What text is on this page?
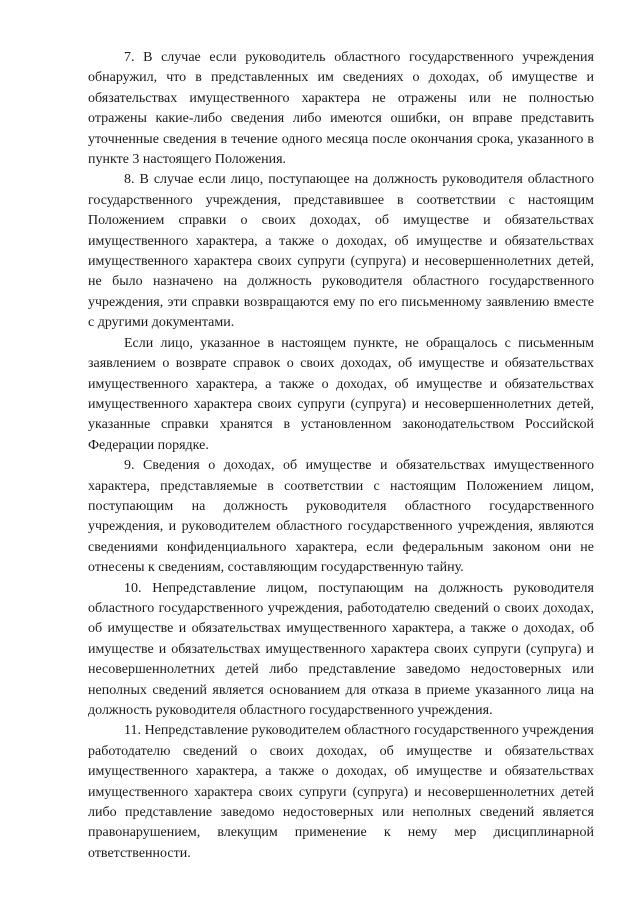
7. В случае если руководитель областного государственного учреждения обнаружил, что в представленных им сведениях о доходах, об имуществе и обязательствах имущественного характера не отражены или не полностью отражены какие-либо сведения либо имеются ошибки, он вправе представить уточненные сведения в течение одного месяца после окончания срока, указанного в пункте 3 настоящего Положения.

8. В случае если лицо, поступающее на должность руководителя областного государственного учреждения, представившее в соответствии с настоящим Положением справки о своих доходах, об имуществе и обязательствах имущественного характера, а также о доходах, об имуществе и обязательствах имущественного характера своих супруги (супруга) и несовершеннолетних детей, не было назначено на должность руководителя областного государственного учреждения, эти справки возвращаются ему по его письменному заявлению вместе с другими документами.

Если лицо, указанное в настоящем пункте, не обращалось с письменным заявлением о возврате справок о своих доходах, об имуществе и обязательствах имущественного характера, а также о доходах, об имуществе и обязательствах имущественного характера своих супруги (супруга) и несовершеннолетних детей, указанные справки хранятся в установленном законодательством Российской Федерации порядке.

9. Сведения о доходах, об имуществе и обязательствах имущественного характера, представляемые в соответствии с настоящим Положением лицом, поступающим на должность руководителя областного государственного учреждения, и руководителем областного государственного учреждения, являются сведениями конфиденциального характера, если федеральным законом они не отнесены к сведениям, составляющим государственную тайну.

10. Непредставление лицом, поступающим на должность руководителя областного государственного учреждения, работодателю сведений о своих доходах, об имуществе и обязательствах имущественного характера, а также о доходах, об имуществе и обязательствах имущественного характера своих супруги (супруга) и несовершеннолетних детей либо представление заведомо недостоверных или неполных сведений является основанием для отказа в приеме указанного лица на должность руководителя областного государственного учреждения.

11. Непредставление руководителем областного государственного учреждения работодателю сведений о своих доходах, об имуществе и обязательствах имущественного характера, а также о доходах, об имуществе и обязательствах имущественного характера своих супруги (супруга) и несовершеннолетних детей либо представление заведомо недостоверных или неполных сведений является правонарушением, влекущим применение к нему мер дисциплинарной ответственности.
